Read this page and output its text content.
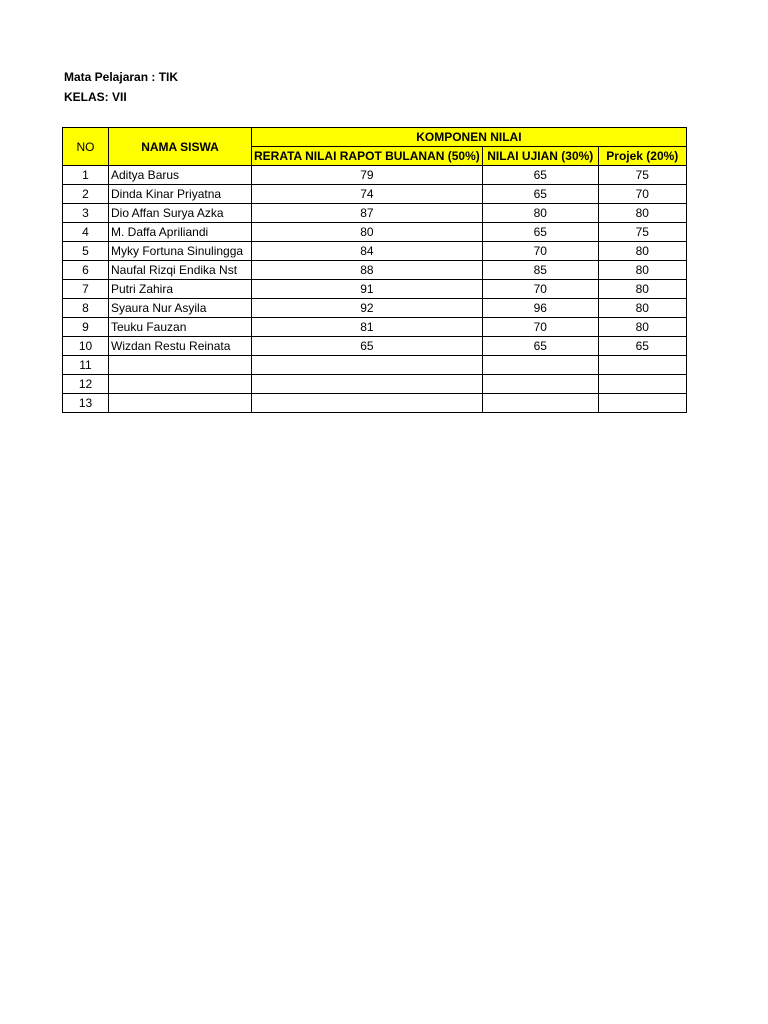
Mata Pelajaran : TIK
KELAS: VII
NO	NAMA SISWA	KOMPONEN NILAI		
		RERATA NILAI RAPOT BULANAN (50%)	NILAI UJIAN (30%)	Projek (20%)
1	Aditya Barus	79	65	75
2	Dinda Kinar Priyatna	74	65	70
3	Dio Affan Surya Azka	87	80	80
4	M. Daffa Apriliandi	80	65	75
5	Myky Fortuna Sinulingga	84	70	80
6	Naufal Rizqi Endika Nst	88	85	80
7	Putri Zahira	91	70	80
8	Syaura Nur Asyila	92	96	80
9	Teuku Fauzan	81	70	80
10	Wizdan Restu Reinata	65	65	65
11				
12				
13				
